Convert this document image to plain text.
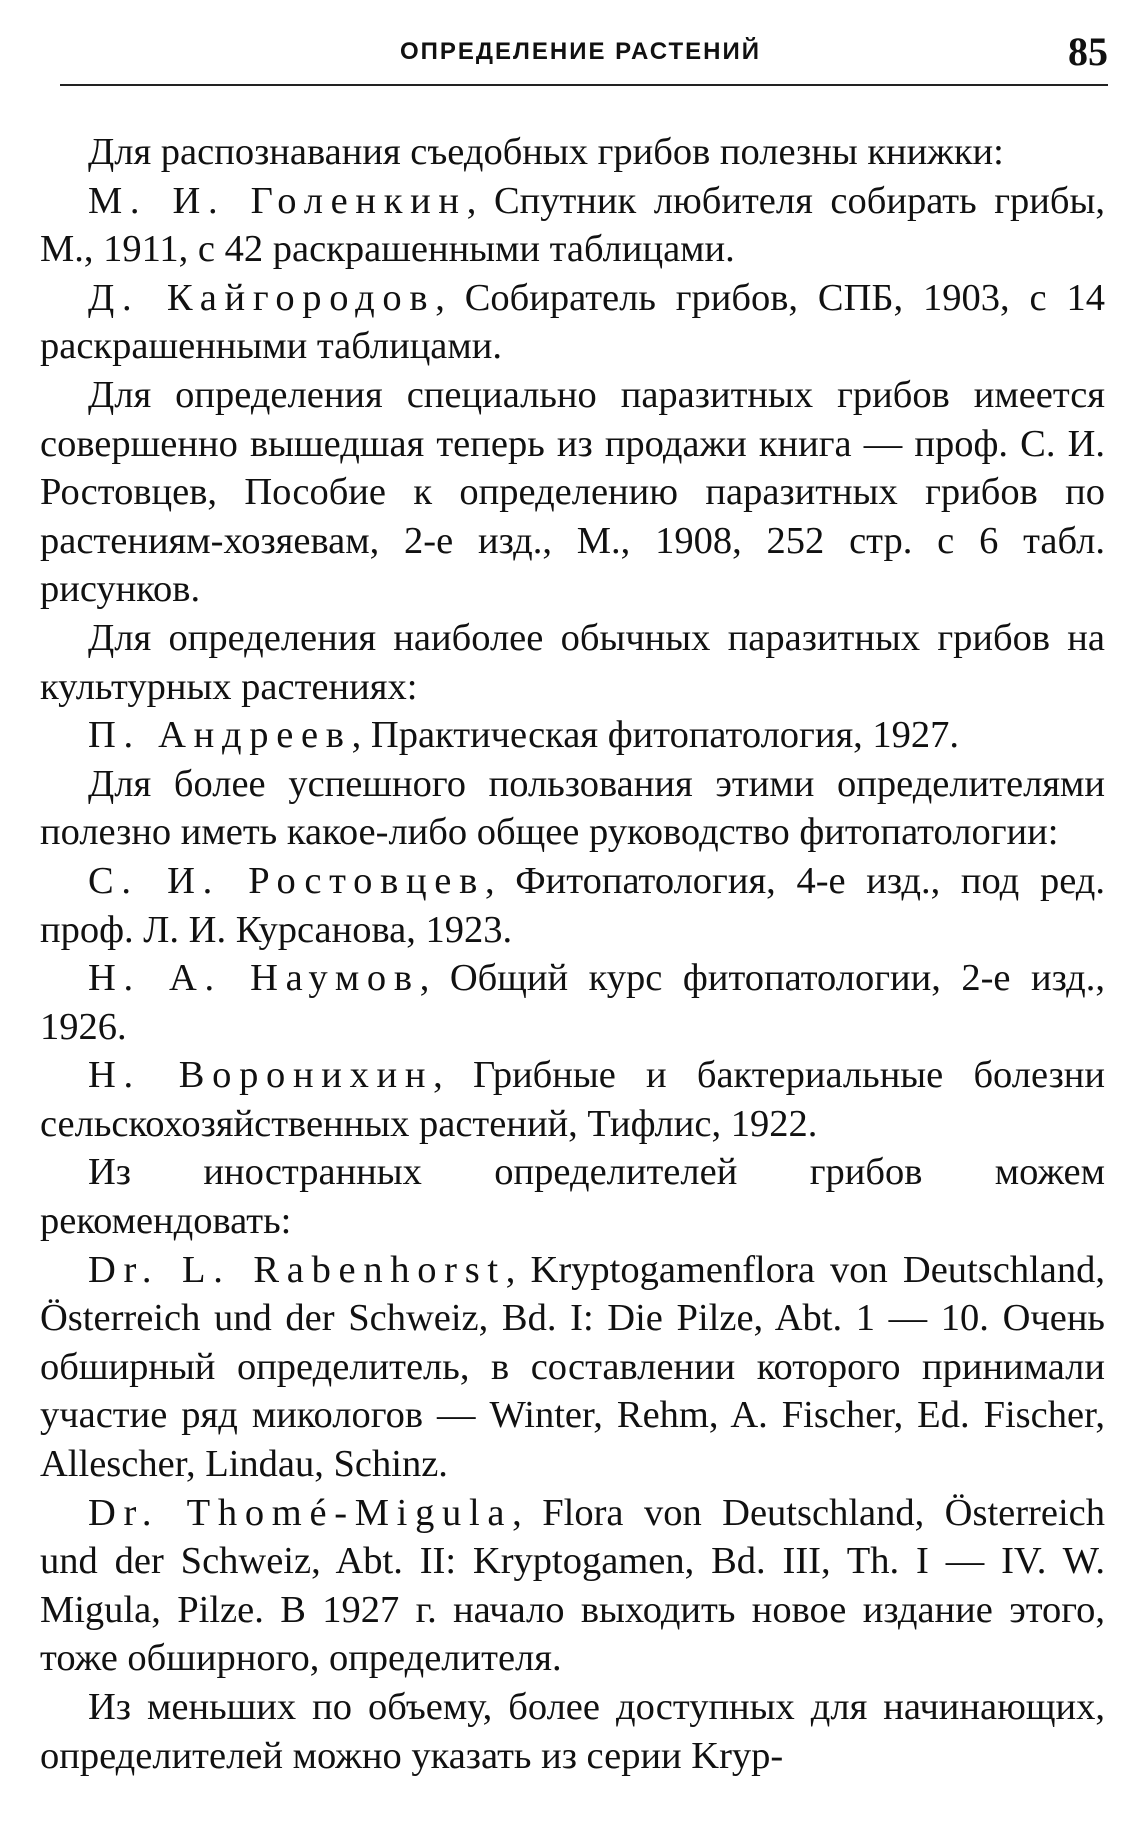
ОПРЕДЕЛЕНИЕ РАСТЕНИЙ	85

Для распознавания съедобных грибов полезны книжки:

М. И. Голенкин, Спутник любителя собирать грибы, М., 1911, с 42 раскрашенными таблицами.

Д. Кайгородов, Собиратель грибов, СПБ, 1903, с 14 раскрашенными таблицами.

Для определения специально паразитных грибов имеется совершенно вышедшая теперь из продажи книга — проф. С. И. Ростовцев, Пособие к определению паразитных грибов по растениям-хозяевам, 2-е изд., М., 1908, 252 стр. с 6 табл. рисунков.

Для определения наиболее обычных паразитных грибов на культурных растениях:

П. Андреев, Практическая фитопатология, 1927.

Для более успешного пользования этими определителями полезно иметь какое-либо общее руководство фитопатологии:

С. И. Ростовцев, Фитопатология, 4-е изд., под ред. проф. Л. И. Курсанова, 1923.

Н. А. Наумов, Общий курс фитопатологии, 2-е изд., 1926.

Н. Воронихин, Грибные и бактериальные болезни сельскохозяйственных растений, Тифлис, 1922.

Из иностранных определителей грибов можем рекомендовать:

Dr. L. Rabenhorst, Kryptogamenflora von Deutschland, Österreich und der Schweiz, Bd. I: Die Pilze, Abt. 1 — 10. Очень обширный определитель, в составлении которого принимали участие ряд микологов — Winter, Rehm, A. Fischer, Ed. Fischer, Allescher, Lindau, Schinz.

Dr. Thomé-Migula, Flora von Deutschland, Österreich und der Schweiz, Abt. II: Kryptogamen, Bd. III, Th. I — IV. W. Migula, Pilze. В 1927 г. начало выходить новое издание этого, тоже обширного, определителя.

Из меньших по объему, более доступных для начинающих, определителей можно указать из серии Kryp-
